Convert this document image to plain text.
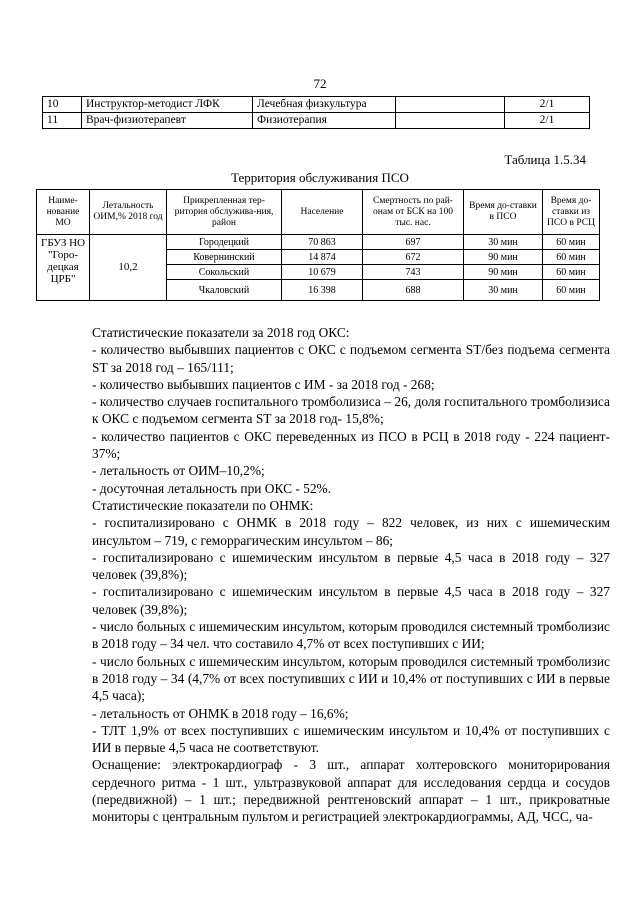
72
10	Инструктор-методист ЛФК	Лечебная физкультура		2/1
11	Врач-физиотерапевт	Физиотерапия		2/1
Таблица 1.5.34
Территория обслуживания ПСО
Наиме-нование МО	Летальность ОИМ,% 2018 год	Прикрепленная тер-ритория обслужива-ния, район	Население	Смертность по рай-онам от БСК на 100 тыс. нас.	Время до-ставки в ПСО	Время до-ставки из ПСО в РСЦ
ГБУЗ НО "Горо-децкая ЦРБ"	10,2	Городецкий	70 863	697	30 мин	60 мин
		Ковернинский	14 874	672	90 мин	60 мин
		Сокольский	10 679	743	90 мин	60 мин
		Чкаловский	16 398	688	30 мин	60 мин

Статистические показатели за 2018 год ОКС:

- количество выбывших пациентов с ОКС с подъемом сегмента ST/без подъема сегмента ST за 2018 год – 165/111;

- количество выбывших пациентов с ИМ - за 2018 год - 268;

- количество случаев госпитального тромболизиса – 26, доля госпитального тромболизиса к ОКС с подъемом сегмента ST за 2018 год- 15,8%;

- количество пациентов с ОКС переведенных из ПСО в РСЦ в 2018 году - 224 пациент- 37%;

- летальность от ОИМ–10,2%;

- досуточная летальность при ОКС - 52%.

Статистические показатели по ОНМК:

- госпитализировано с ОНМК в 2018 году – 822 человек, из них с ишемическим инсультом – 719, с геморрагическим инсультом – 86;

- госпитализировано с ишемическим инсультом в первые 4,5 часа в 2018 году – 327 человек (39,8%);

- госпитализировано с ишемическим инсультом в первые 4,5 часа в 2018 году – 327 человек (39,8%);

- число больных с ишемическим инсультом, которым проводился системный тромболизис в 2018 году – 34 чел. что составило 4,7% от всех поступивших с ИИ;

- число больных с ишемическим инсультом, которым проводился системный тромболизис в 2018 году – 34 (4,7% от всех поступивших с ИИ и 10,4% от поступивших с ИИ в первые 4,5 часа);

- летальность от ОНМК в 2018 году – 16,6%;

- ТЛТ 1,9% от всех поступивших с ишемическим инсультом и 10,4% от поступивших с ИИ в первые 4,5 часа не соответствуют.

Оснащение: электрокардиограф - 3 шт., аппарат холтеровского мониторирования сердечного ритма - 1 шт., ультразвуковой аппарат для исследования сердца и сосудов (передвижной) – 1 шт.; передвижной рентгеновский аппарат – 1 шт., прикроватные мониторы с центральным пультом и регистрацией электрокардиограммы, АД, ЧСС, ча-
